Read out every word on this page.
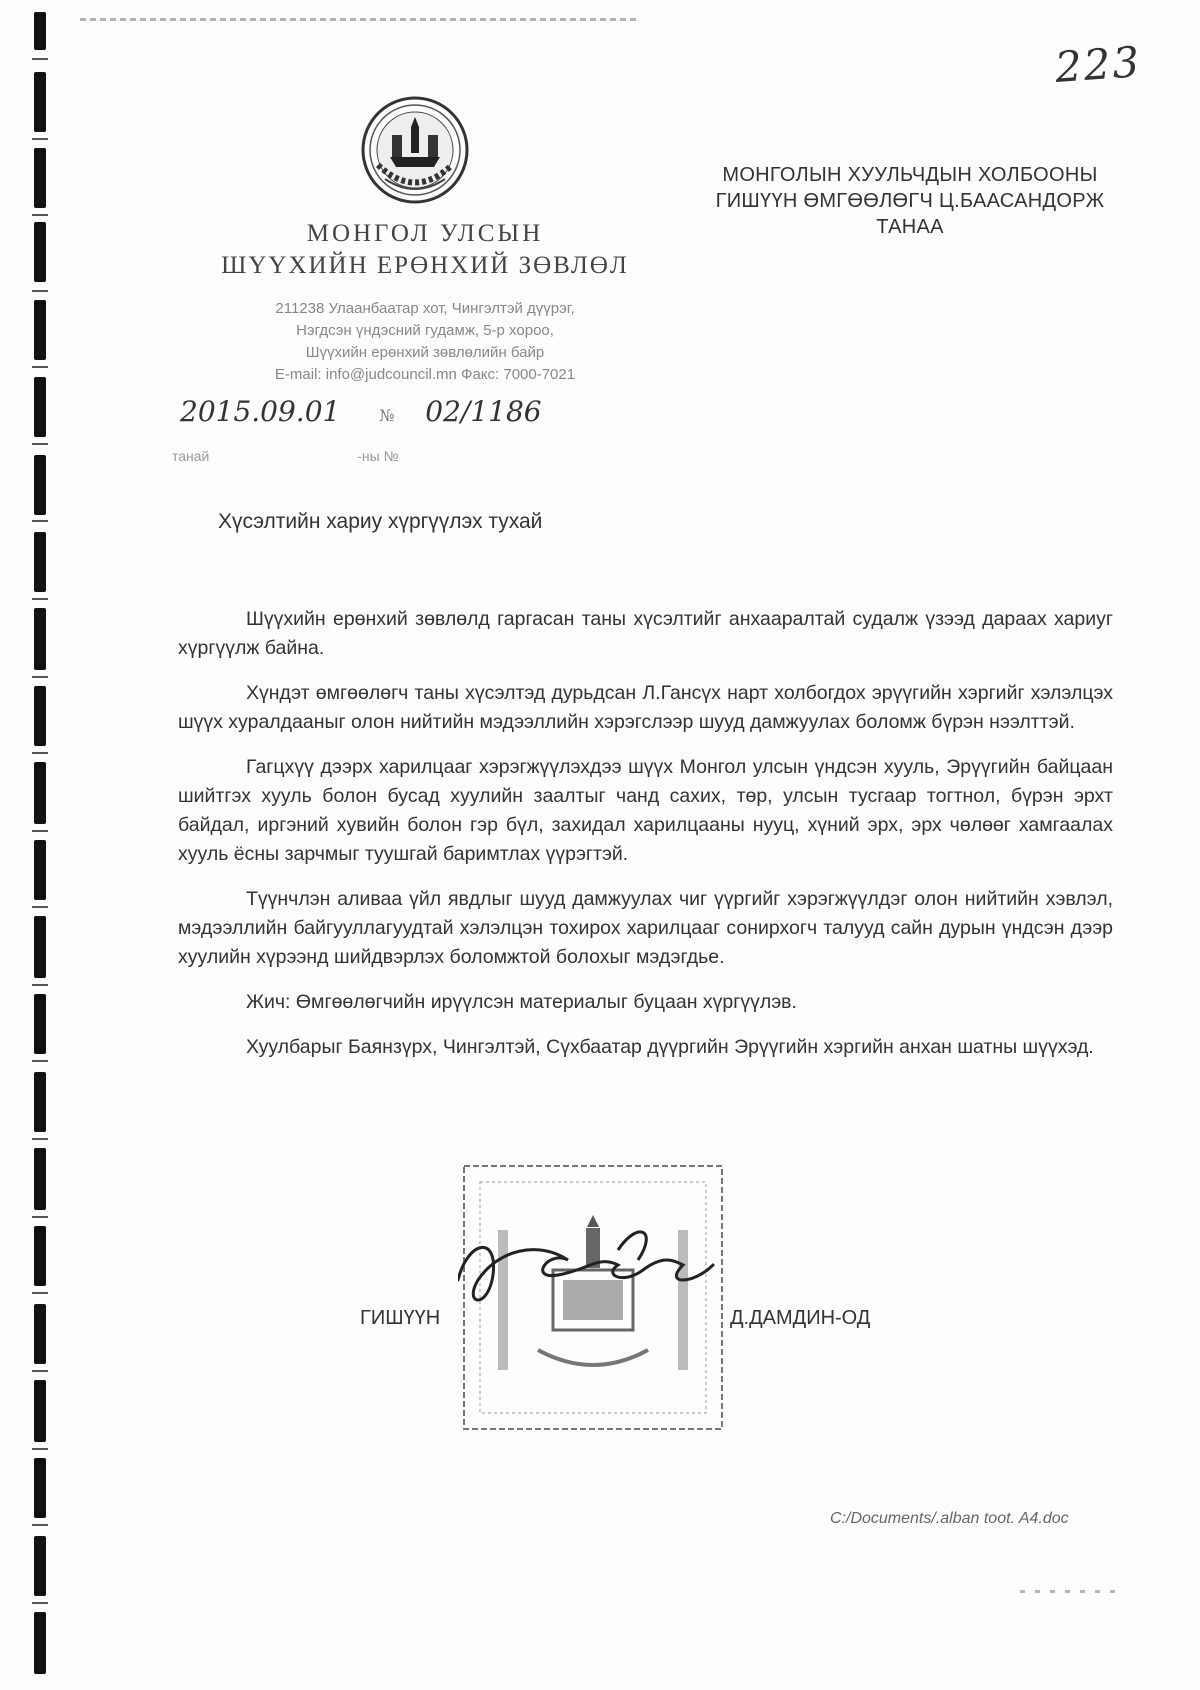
223
МОНГОЛ УЛСЫН
ШҮҮХИЙН ЕРӨНХИЙ ЗӨВЛӨЛ
211238 Улаанбаатар хот, Чингэлтэй дүүрэг,
Нэгдсэн үндэсний гудамж, 5-р хороо,
Шүүхийн ерөнхий зөвлөлийн байр
E-mail: info@judcouncil.mn Факс: 7000-7021
2015.09.01 № 02/1186
танай	-ны №
МОНГОЛЫН ХУУЛЬЧДЫН ХОЛБООНЫ
ГИШҮҮН ӨМГӨӨЛӨГЧ Ц.БААСАНДОРЖ
ТАНАА
Хүсэлтийн хариу хүргүүлэх тухай

Шүүхийн ерөнхий зөвлөлд гаргасан таны хүсэлтийг анхааралтай судалж үзээд дараах хариуг хүргүүлж байна.

Хүндэт өмгөөлөгч таны хүсэлтэд дурьдсан Л.Гансүх нарт холбогдох эрүүгийн хэргийг хэлэлцэх шүүх хуралдааныг олон нийтийн мэдээллийн хэрэгслээр шууд дамжуулах боломж бүрэн нээлттэй.

Гагцхүү дээрх харилцааг хэрэгжүүлэхдээ шүүх Монгол улсын үндсэн хууль, Эрүүгийн байцаан шийтгэх хууль болон бусад хуулийн заалтыг чанд сахих, төр, улсын тусгаар тогтнол, бүрэн эрхт байдал, иргэний хувийн болон гэр бүл, захидал харилцааны нууц, хүний эрх, эрх чөлөөг хамгаалах хууль ёсны зарчмыг туушгай баримтлах үүрэгтэй.

Түүнчлэн аливаа үйл явдлыг шууд дамжуулах чиг үүргийг хэрэгжүүлдэг олон нийтийн хэвлэл, мэдээллийн байгууллагуудтай хэлэлцэн тохирох харилцааг сонирхогч талууд сайн дурын үндсэн дээр хуулийн хүрээнд шийдвэрлэх боломжтой болохыг мэдэгдье.

Жич: Өмгөөлөгчийн ирүүлсэн материалыг буцаан хүргүүлэв.

Хуулбарыг Баянзүрх, Чингэлтэй, Сүхбаатар дүүргийн Эрүүгийн хэргийн анхан шатны шүүхэд.

ГИШҮҮН	Д.ДАМДИН-ОД
C:/Documents/.alban toot. A4.doc
